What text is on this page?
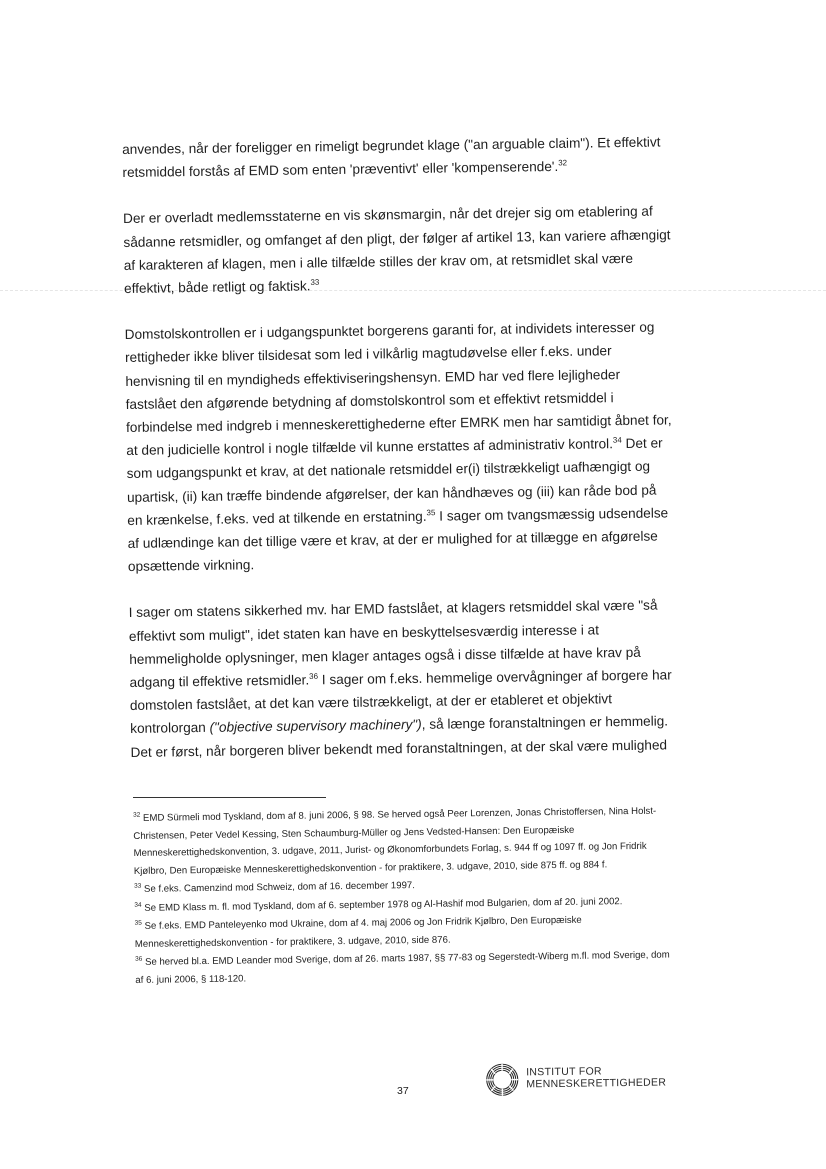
anvendes, når der foreligger en rimeligt begrundet klage ("an arguable claim"). Et effektivt retsmiddel forstås af EMD som enten 'præventivt' eller 'kompenserende'.$^{32}$

Der er overladt medlemsstaterne en vis skønsmargin, når det drejer sig om etablering af sådanne retsmidler, og omfanget af den pligt, der følger af artikel 13, kan variere afhængigt af karakteren af klagen, men i alle tilfælde stilles der krav om, at retsmidlet skal være effektivt, både retligt og faktisk.$^{33}$

Domstolskontrollen er i udgangspunktet borgerens garanti for, at individets interesser og rettigheder ikke bliver tilsidesat som led i vilkårlig magtudøvelse eller f.eks. under henvisning til en myndigheds effektiviseringshensyn. EMD har ved flere lejligheder fastslået den afgørende betydning af domstolskontrol som et effektivt retsmiddel i forbindelse med indgreb i menneskerettighederne efter EMRK men har samtidigt åbnet for, at den judicielle kontrol i nogle tilfælde vil kunne erstattes af administrativ kontrol.$^{34}$ Det er som udgangspunkt et krav, at det nationale retsmiddel er(i) tilstrækkeligt uafhængigt og upartisk, (ii) kan træffe bindende afgørelser, der kan håndhæves og (iii) kan råde bod på en krænkelse, f.eks. ved at tilkende en erstatning.$^{35}$ I sager om tvangsmæssig udsendelse af udlændinge kan det tillige være et krav, at der er mulighed for at tillægge en afgørelse opsættende virkning.

I sager om statens sikkerhed mv. har EMD fastslået, at klagers retsmiddel skal være "så effektivt som muligt", idet staten kan have en beskyttelsesværdig interesse i at hemmeligholde oplysninger, men klager antages også i disse tilfælde at have krav på adgang til effektive retsmidler.$^{36}$ I sager om f.eks. hemmelige overvågninger af borgere har domstolen fastslået, at det kan være tilstrækkeligt, at der er etableret et objektivt kontrolorgan ("objective supervisory machinery"), så længe foranstaltningen er hemmelig. Det er først, når borgeren bliver bekendt med foranstaltningen, at der skal være mulighed

$^{32}$ EMD Sürmeli mod Tyskland, dom af 8. juni 2006, § 98. Se herved også Peer Lorenzen, Jonas Christoffersen, Nina Holst-Christensen, Peter Vedel Kessing, Sten Schaumburg-Müller og Jens Vedsted-Hansen: Den Europæiske Menneskerettighedskonvention, 3. udgave, 2011, Jurist- og Økonomforbundets Forlag, s. 944 ff og 1097 ff. og Jon Fridrik Kjølbro, Den Europæiske Menneskerettighedskonvention - for praktikere, 3. udgave, 2010, side 875 ff. og 884 f.

$^{33}$ Se f.eks. Camenzind mod Schweiz, dom af 16. december 1997.

$^{34}$ Se EMD Klass m. fl. mod Tyskland, dom af 6. september 1978 og Al-Hashif mod Bulgarien, dom af 20. juni 2002.

$^{35}$ Se f.eks. EMD Panteleyenko mod Ukraine, dom af 4. maj 2006 og Jon Fridrik Kjølbro, Den Europæiske Menneskerettighedskonvention - for praktikere, 3. udgave, 2010, side 876.

$^{36}$ Se herved bl.a. EMD Leander mod Sverige, dom af 26. marts 1987, §§ 77-83 og Segerstedt-Wiberg m.fl. mod Sverige, dom af 6. juni 2006, § 118-120.

37
INSTITUT FOR
MENNESKERETTIGHEDER
